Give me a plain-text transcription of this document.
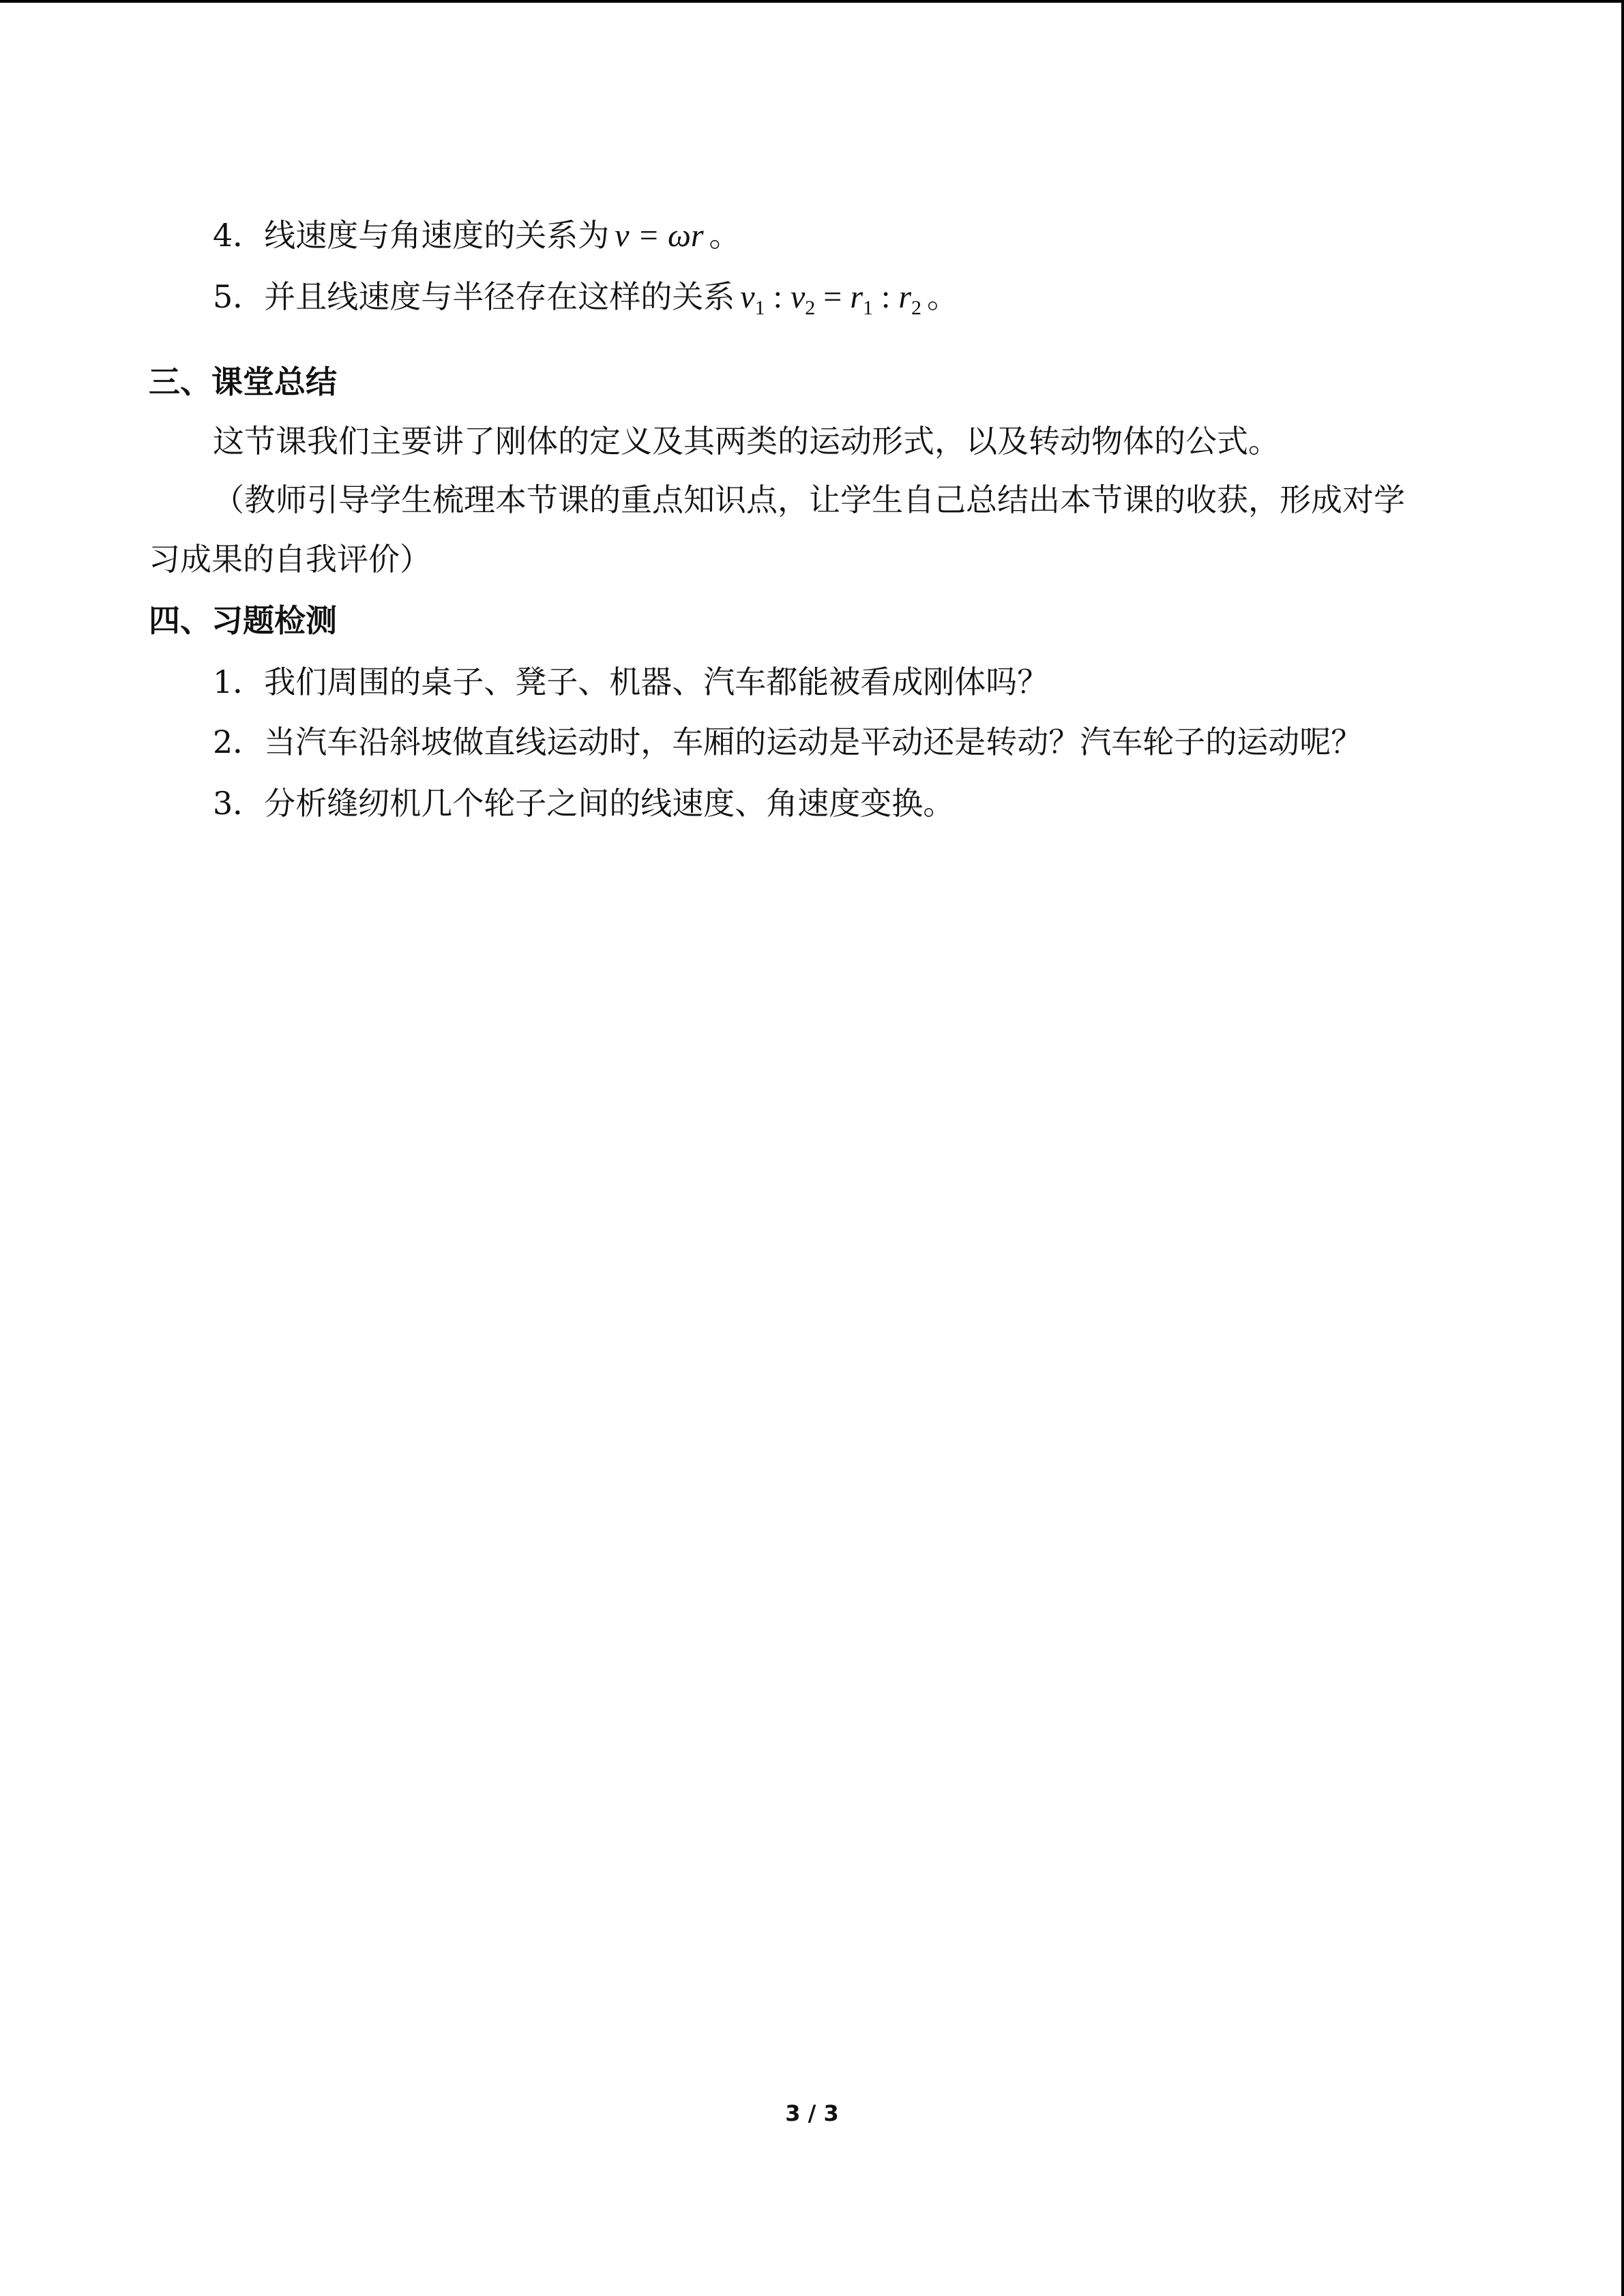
4．线速度与角速度的关系为 v = ωr 。
5．并且线速度与半径存在这样的关系 $v_1$ : $v_2 = r_1$ : $r_2$ 。
三、课堂总结
这节课我们主要讲了刚体的定义及其两类的运动形式，以及转动物体的公式。
（教师引导学生梳理本节课的重点知识点，让学生自己总结出本节课的收获，形成对学
习成果的自我评价）
四、习题检测
1．我们周围的桌子、凳子、机器、汽车都能被看成刚体吗？
2．当汽车沿斜坡做直线运动时，车厢的运动是平动还是转动？汽车轮子的运动呢？
3．分析缝纫机几个轮子之间的线速度、角速度变换。
3 / 3
